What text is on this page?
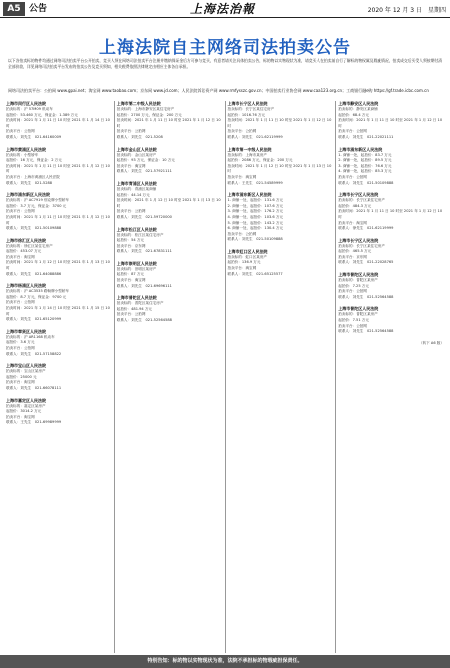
A5 公告	上海法治報	2020 年 12 月 3 日　星期四
上海法院自主网络司法拍卖公告
以下各拍卖标的物件均通过网络司法拍卖平台公开拍卖，竞买人须在网络司法拍卖平台注册并缴纳保证金后方可参与竞买，有意者请关注具体拍卖公告，标的物以实物现状为准，请竞买人在拍卖前自行了解标的物权属及瑕疵情况，拍卖成交后买受人须按期付清全部价款，详见网络司法拍卖平台发布的拍卖公告及竞买须知，相关税费依照法律规定由相应主体各自承担。
网络司法拍卖平台：公拍网 www.gpai.net；淘宝网 www.taobao.com；京东网 www.jd.com；人民法院诉讼资产网 www.rmfysszc.gov.cn；中国拍卖行业协会网 www.caa123.org.cn；工商银行融e购 https://gf.trade.icbc.com.cn
上海市闵行区人民法院
拍卖标的：沪 57M09 机动车
起拍价：53.460 万元，保证金：1.389 万元
拍卖时间：2021 年 1 月 11 日 10 时至 2021 年 1 月 14 日 10 时
拍卖平台：公拍网
联系人：刘先生　021-64160009
上海市黄浦区人民法院
拍卖标的：小型轿车
起拍价：16 万元，保证金：2 万元
拍卖时间：2021 年 1 月 11 日 10 时至 2021 年 1 月 12 日 10 时
拍卖平台：上海市黄浦区人民法院
联系人：刘先生　021-5288
上海市浦东新区人民法院
拍卖标的：沪 AC7919 别克牌小型轿车
起拍价：3.7 万元，保证金：3700 元
拍卖平台：公拍网
拍卖时间：2021 年 1 月 11 日 10 时至 2021 年 1 月 12 日 10 时
联系人：刘先生　021-50109888
上海市徐汇区人民法院
拍卖标的：徐汇区某住宅房产
起拍价：453.07 万元
拍卖平台：淘宝网
拍卖时间：2021 年 1 月 12 日 10 时至 2021 年 1 月 13 日 10 时
联系人：刘先生　021-64088886
上海市杨浦区人民法院
拍卖标的：沪 AC3535 路畅牌小型轿车
起拍价：8.7 万元，保证金：9700 元
拍卖平台：公拍网
拍卖时间：2021 年 1 月 14 日 10 时至 2021 年 1 月 15 日 10 时
联系人：刘先生　021-65120999
上海市奉贤区人民法院
拍卖标的：沪 AR1168 机动车
起拍价：3.6 万元
拍卖平台：公拍网
联系人：刘先生　021-57158822
上海市宝山区人民法院
拍卖标的：宝山区某房产
起拍价：25000 元
拍卖平台：淘宝网
联系人：刘先生　021-66078111
上海市嘉定区人民法院
拍卖标的：嘉定区某房产
起拍价：3014.2 万元
拍卖平台：淘宝网
联系人：王先生　021-69989999
上海市第二中级人民法院
拍卖标的：上海市静安区某住宅房产
起拍价：2700 万元，保证金：200 万元
拍卖时间：2021 年 1 月 11 日 10 时至 2021 年 1 月 12 日 10 时
拍卖平台：公拍网
联系人：刘先生　021-5208
上海市金山区人民法院
拍卖标的：金山区某房产
起拍价：93 万元，保证金：10 万元
拍卖平台：淘宝网
联系人：刘先生　021-57921111
上海市青浦区人民法院
拍卖标的：青浦区某商铺
起拍价：44.14 万元
拍卖时间：2021 年 1 月 12 日 10 时至 2021 年 1 月 13 日 10 时
拍卖平台：公拍网
联系人：刘先生　021-59720000
上海市松江区人民法院
拍卖标的：松江区某住宅房产
起拍价：54 万元
拍卖平台：京东网
联系人：刘先生　021-67831111
上海市崇明区人民法院
拍卖标的：崇明区某房产
起拍价：87 万元
拍卖平台：淘宝网
联系人：刘先生　021-69696111
上海市普陀区人民法院
拍卖标的：普陀区某住宅房产
起拍价：481.94 万元
拍卖平台：公拍网
联系人：刘先生　021-52564588
上海市长宁区人民法院
拍卖标的：长宁区某住宅房产
起拍价：1016.76 万元
拍卖时间：2021 年 1 月 11 日 10 时至 2021 年 1 月 12 日 10 时
拍卖平台：公拍网
联系人：刘先生　021-62119999
上海市第一中级人民法院
拍卖标的：上海市某房产
起拍价：2086 万元，保证金：200 万元
拍卖时间：2021 年 1 月 12 日 10 时至 2021 年 1 月 13 日 10 时
拍卖平台：淘宝网
联系人：王先生　021-54589999
上海市浦东新区人民法院
1. 商铺一处，起拍价：131.6 万元
2. 商铺一处，起拍价：107.6 万元
3. 商铺一处，起拍价：176.2 万元
4. 商铺一处，起拍价：103.6 万元
5. 商铺一处，起拍价：143.2 万元
6. 商铺一处，起拍价：130.4 万元
拍卖平台：公拍网
联系人：刘先生　021-50109888
上海市虹口区人民法院
拍卖标的：虹口区某房产
起拍价：136.9 万元
拍卖平台：淘宝网
联系人：刘先生　021-65125577
上海市静安区人民法院
拍卖标的：静安区某商铺
起拍价：68.4 万元
拍卖时间：2021 年 1 月 11 日 10 时至 2021 年 1 月 12 日 10 时
拍卖平台：公拍网
联系人：刘先生　021-22021111
上海市浦东新区人民法院
1. 商铺一处，起拍价：83.7 万元
2. 商铺一处，起拍价：89.5 万元
3. 商铺一处，起拍价：76.6 万元
4. 商铺一处，起拍价：85.3 万元
拍卖平台：公拍网
联系人：刘先生　021-50109888
上海市长宁区人民法院
拍卖标的：长宁区某住宅房产
起拍价：484.3 万元
拍卖时间：2021 年 1 月 11 日 10 时至 2021 年 1 月 12 日 10 时
拍卖平台：淘宝网
联系人：徐先生　021-62119999
上海市长宁区人民法院
拍卖标的：长宁区某住宅房产
起拍价：465.5 万元
拍卖平台：京东网
联系人：刘先生　021-22028765
上海市普陀区人民法院
拍卖标的：普陀区某房产
起拍价：7.25 万元
拍卖平台：公拍网
联系人：刘先生　021-52564588
上海市普陀区人民法院
拍卖标的：普陀区某房产
起拍价：7.51 万元
拍卖平台：公拍网
联系人：刘先生　021-52564588
（转下 A6 版）
特别告知：标的物以实物现状为准，法院不承担标的物瑕疵担保责任。
